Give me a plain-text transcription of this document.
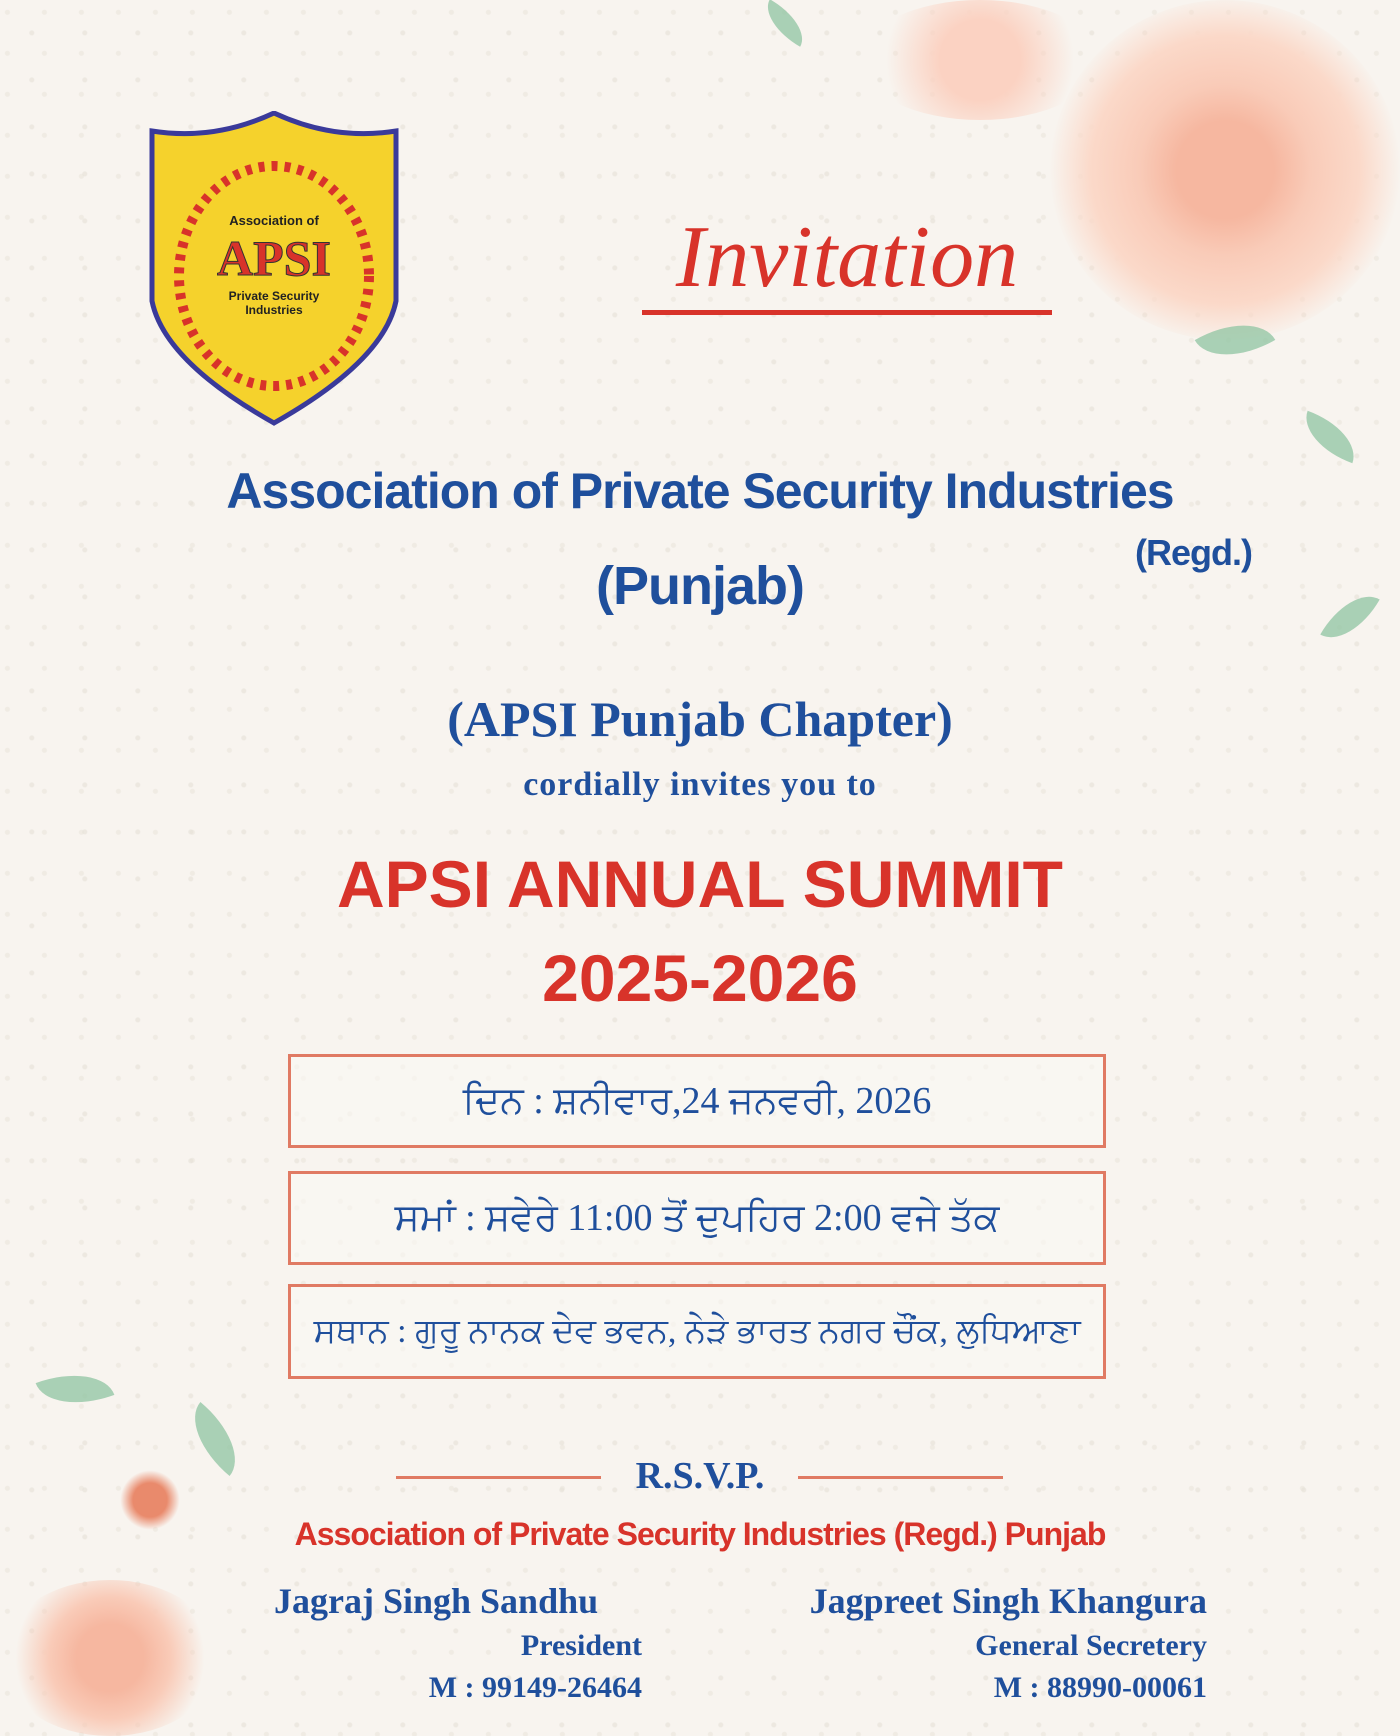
Association of
APSI
Private Security Industries
Invitation
Association of Private Security Industries
(Regd.)
(Punjab)
(APSI Punjab Chapter)
cordially invites you to
APSI ANNUAL SUMMIT
2025-2026
ਦਿਨ : ਸ਼ਨੀਵਾਰ,24 ਜਨਵਰੀ, 2026
ਸਮਾਂ : ਸਵੇਰੇ 11:00 ਤੋਂ ਦੁਪਹਿਰ 2:00 ਵਜੇ ਤੱਕ
ਸਥਾਨ : ਗੁਰੂ ਨਾਨਕ ਦੇਵ ਭਵਨ, ਨੇੜੇ ਭਾਰਤ ਨਗਰ ਚੌਂਕ, ਲੁਧਿਆਣਾ
R.S.V.P.
Association of Private Security Industries (Regd.) Punjab
Jagraj Singh Sandhu
President
M : 99149-26464
Jagpreet Singh Khangura
General Secretery
M : 88990-00061
